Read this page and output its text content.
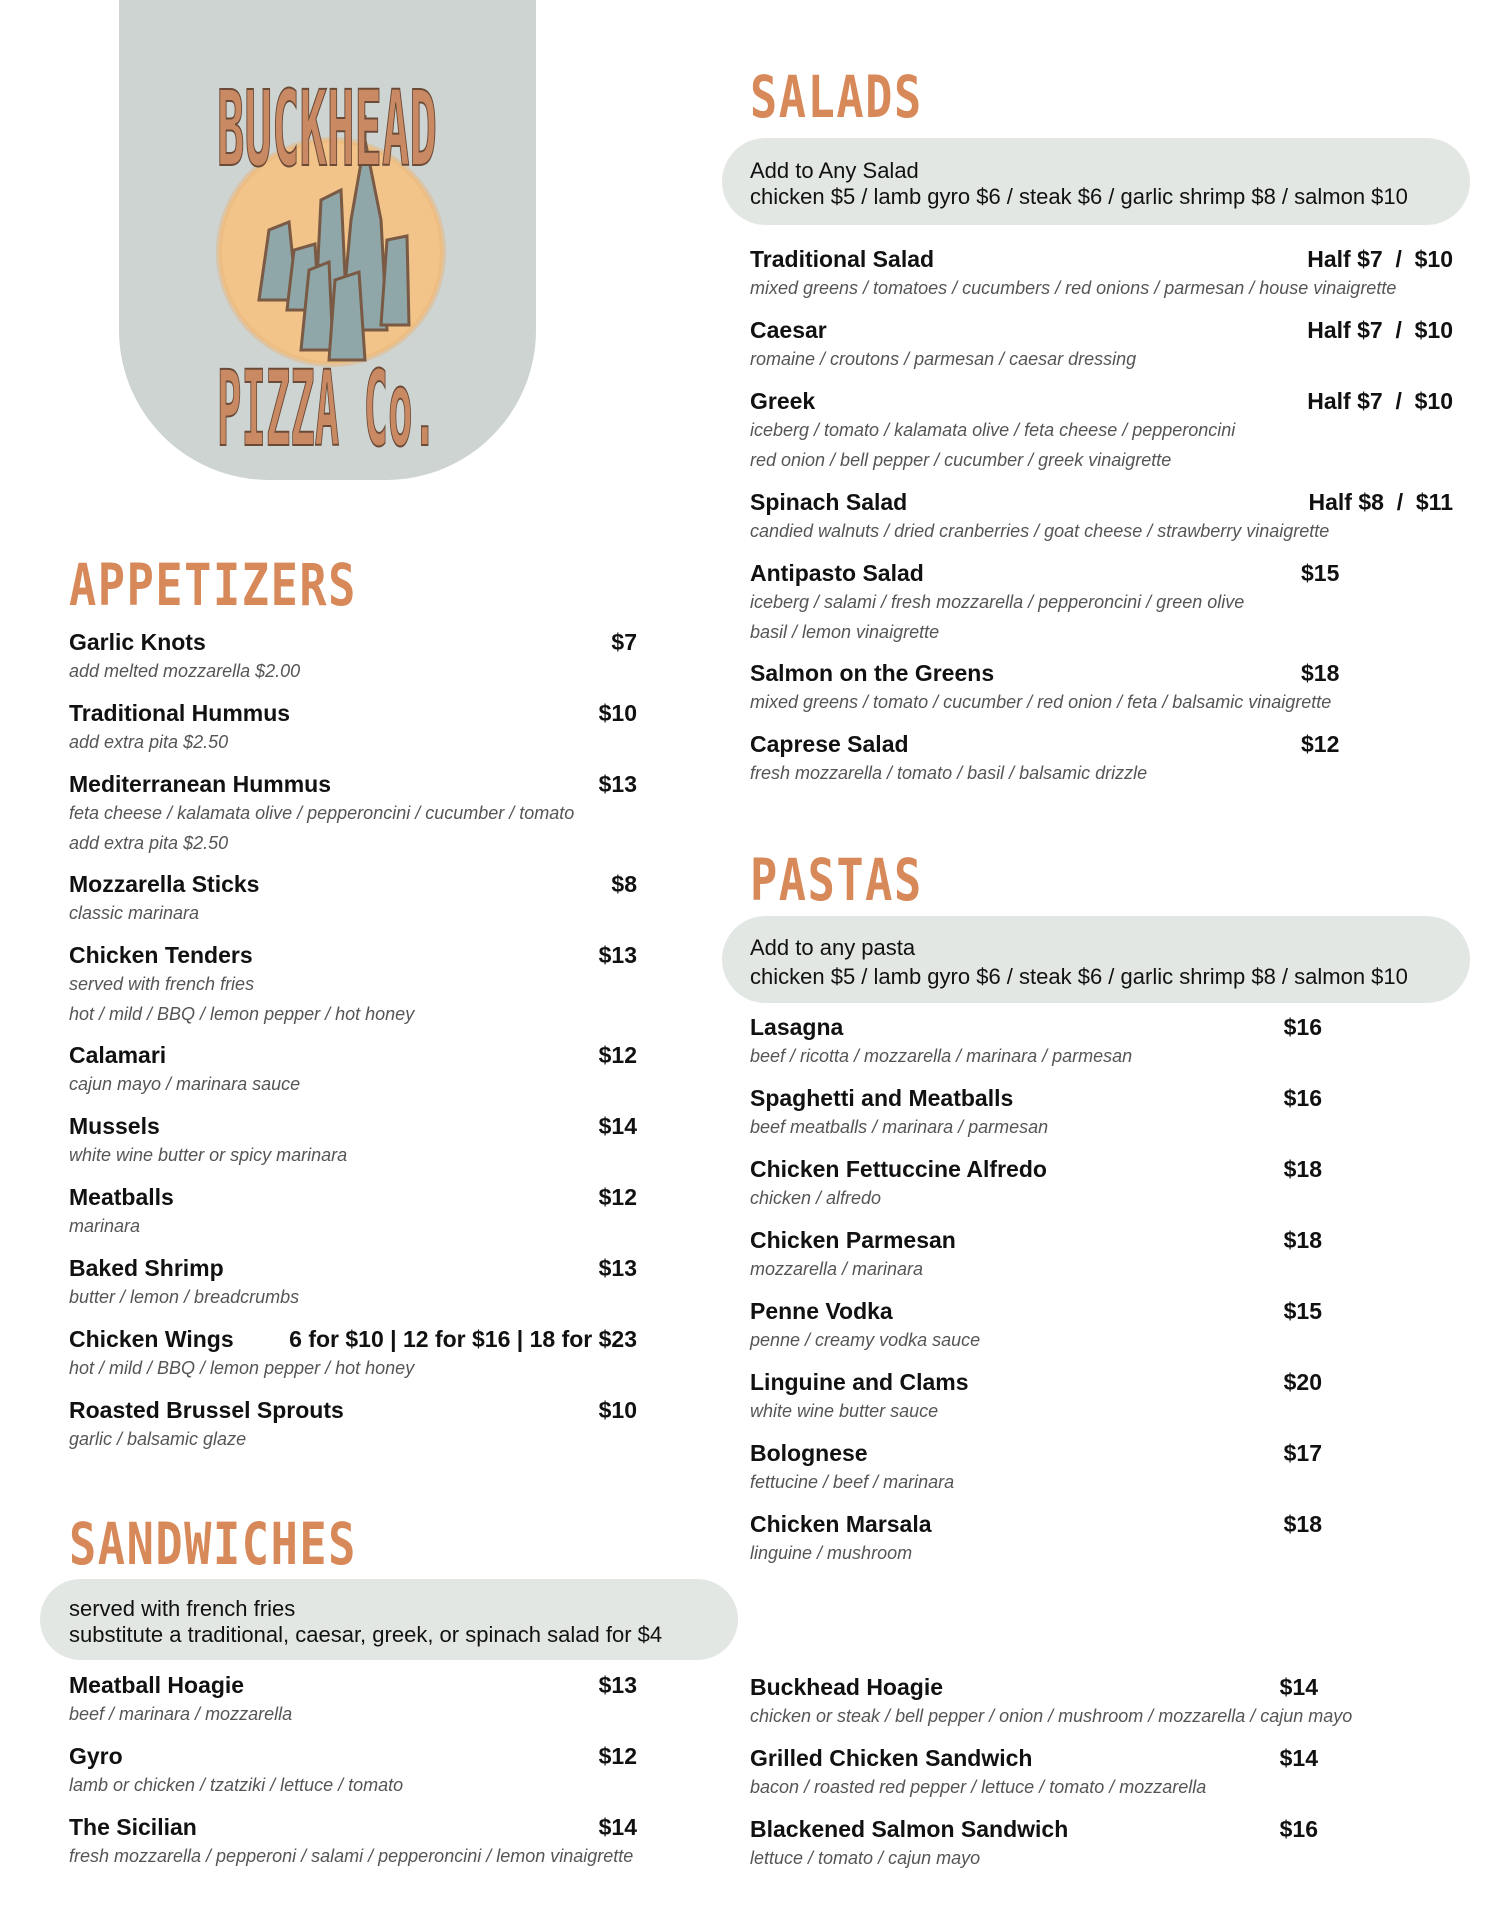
BUCKHEAD
PIZZA Co.
APPETIZERS
Garlic Knots
add melted mozzarella $2.00
$7
Traditional Hummus
add extra pita $2.50
$10
Mediterranean Hummus
feta cheese / kalamata olive / pepperoncini / cucumber / tomato
add extra pita $2.50
$13
Mozzarella Sticks
classic marinara
$8
Chicken Tenders
served with french fries
hot / mild / BBQ / lemon pepper / hot honey
$13
Calamari
cajun mayo / marinara sauce
$12
Mussels
white wine butter or spicy marinara
$14
Meatballs
marinara
$12
Baked Shrimp
butter / lemon / breadcrumbs
$13
Chicken Wings
hot / mild / BBQ / lemon pepper / hot honey
6 for $10 | 12 for $16 | 18 for $23
Roasted Brussel Sprouts
garlic / balsamic glaze
$10
SANDWICHES
served with french fries
substitute a traditional, caesar, greek, or spinach salad for $4
Meatball Hoagie
beef / marinara / mozzarella
$13
Gyro
lamb or chicken / tzatziki / lettuce / tomato
$12
The Sicilian
fresh mozzarella / pepperoni / salami / pepperoncini / lemon vinaigrette
$14
Buckhead Hoagie
chicken or steak / bell pepper / onion / mushroom / mozzarella / cajun mayo
$14
Grilled Chicken Sandwich
bacon / roasted red pepper / lettuce / tomato / mozzarella
$14
Blackened Salmon Sandwich
lettuce / tomato / cajun mayo
$16
SALADS
Add to Any Salad
chicken $5 / lamb gyro $6 / steak $6 / garlic shrimp $8 / salmon $10
Traditional Salad
mixed greens / tomatoes / cucumbers / red onions / parmesan / house vinaigrette
Half $7  /  $10
Caesar
romaine / croutons / parmesan / caesar dressing
Half $7  /  $10
Greek
iceberg / tomato / kalamata olive / feta cheese / pepperoncini
red onion / bell pepper / cucumber / greek vinaigrette
Half $7  /  $10
Spinach Salad
candied walnuts / dried cranberries / goat cheese / strawberry vinaigrette
Half $8  /  $11
Antipasto Salad
iceberg / salami / fresh mozzarella / pepperoncini / green olive
basil / lemon vinaigrette
$15
Salmon on the Greens
mixed greens / tomato / cucumber / red onion / feta / balsamic vinaigrette
$18
Caprese Salad
fresh mozzarella / tomato / basil / balsamic drizzle
$12
PASTAS
Add to any pasta
chicken $5 / lamb gyro $6 / steak $6 / garlic shrimp $8 / salmon $10
Lasagna
beef / ricotta / mozzarella / marinara / parmesan
$16
Spaghetti and Meatballs
beef meatballs / marinara / parmesan
$16
Chicken Fettuccine Alfredo
chicken / alfredo
$18
Chicken Parmesan
mozzarella / marinara
$18
Penne Vodka
penne / creamy vodka sauce
$15
Linguine and Clams
white wine butter sauce
$20
Bolognese
fettucine / beef / marinara
$17
Chicken Marsala
linguine / mushroom
$18
